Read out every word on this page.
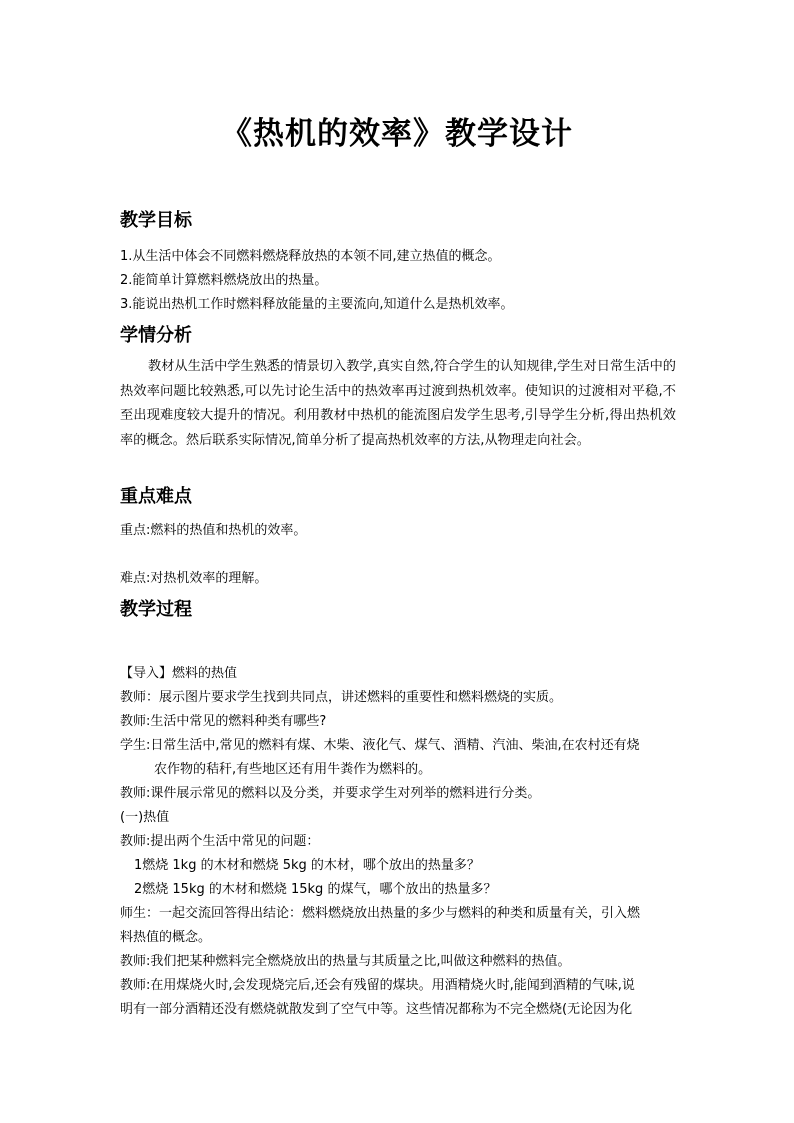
《热机的效率》教学设计
教学目标

1.从生活中体会不同燃料燃烧释放热的本领不同,建立热值的概念。

2.能简单计算燃料燃烧放出的热量。

3.能说出热机工作时燃料释放能量的主要流向,知道什么是热机效率。

学情分析

教材从生活中学生熟悉的情景切入教学,真实自然,符合学生的认知规律,学生对日常生活中的热效率问题比较熟悉,可以先讨论生活中的热效率再过渡到热机效率。使知识的过渡相对平稳,不至出现难度较大提升的情况。利用教材中热机的能流图启发学生思考,引导学生分析,得出热机效率的概念。然后联系实际情况,简单分析了提高热机效率的方法,从物理走向社会。

重点难点

重点:燃料的热值和热机的效率。

难点:对热机效率的理解。

教学过程

【导入】燃料的热值

教师：展示图片要求学生找到共同点，讲述燃料的重要性和燃料燃烧的实质。

教师:生活中常见的燃料种类有哪些?

学生:日常生活中,常见的燃料有煤、木柴、液化气、煤气、酒精、汽油、柴油,在农村还有烧

农作物的秸秆,有些地区还有用牛粪作为燃料的。

教师:课件展示常见的燃料以及分类，并要求学生对列举的燃料进行分类。

(一)热值

教师:提出两个生活中常见的问题：

1燃烧 1kg 的木材和燃烧 5kg 的木材，哪个放出的热量多？

2燃烧 15kg 的木材和燃烧 15kg 的煤气，哪个放出的热量多？

师生：一起交流回答得出结论：燃料燃烧放出热量的多少与燃料的种类和质量有关，引入燃

料热值的概念。

教师:我们把某种燃料完全燃烧放出的热量与其质量之比,叫做这种燃料的热值。

教师:在用煤烧火时,会发现烧完后,还会有残留的煤块。用酒精烧火时,能闻到酒精的气味,说

明有一部分酒精还没有燃烧就散发到了空气中等。这些情况都称为不完全燃烧(无论因为化
